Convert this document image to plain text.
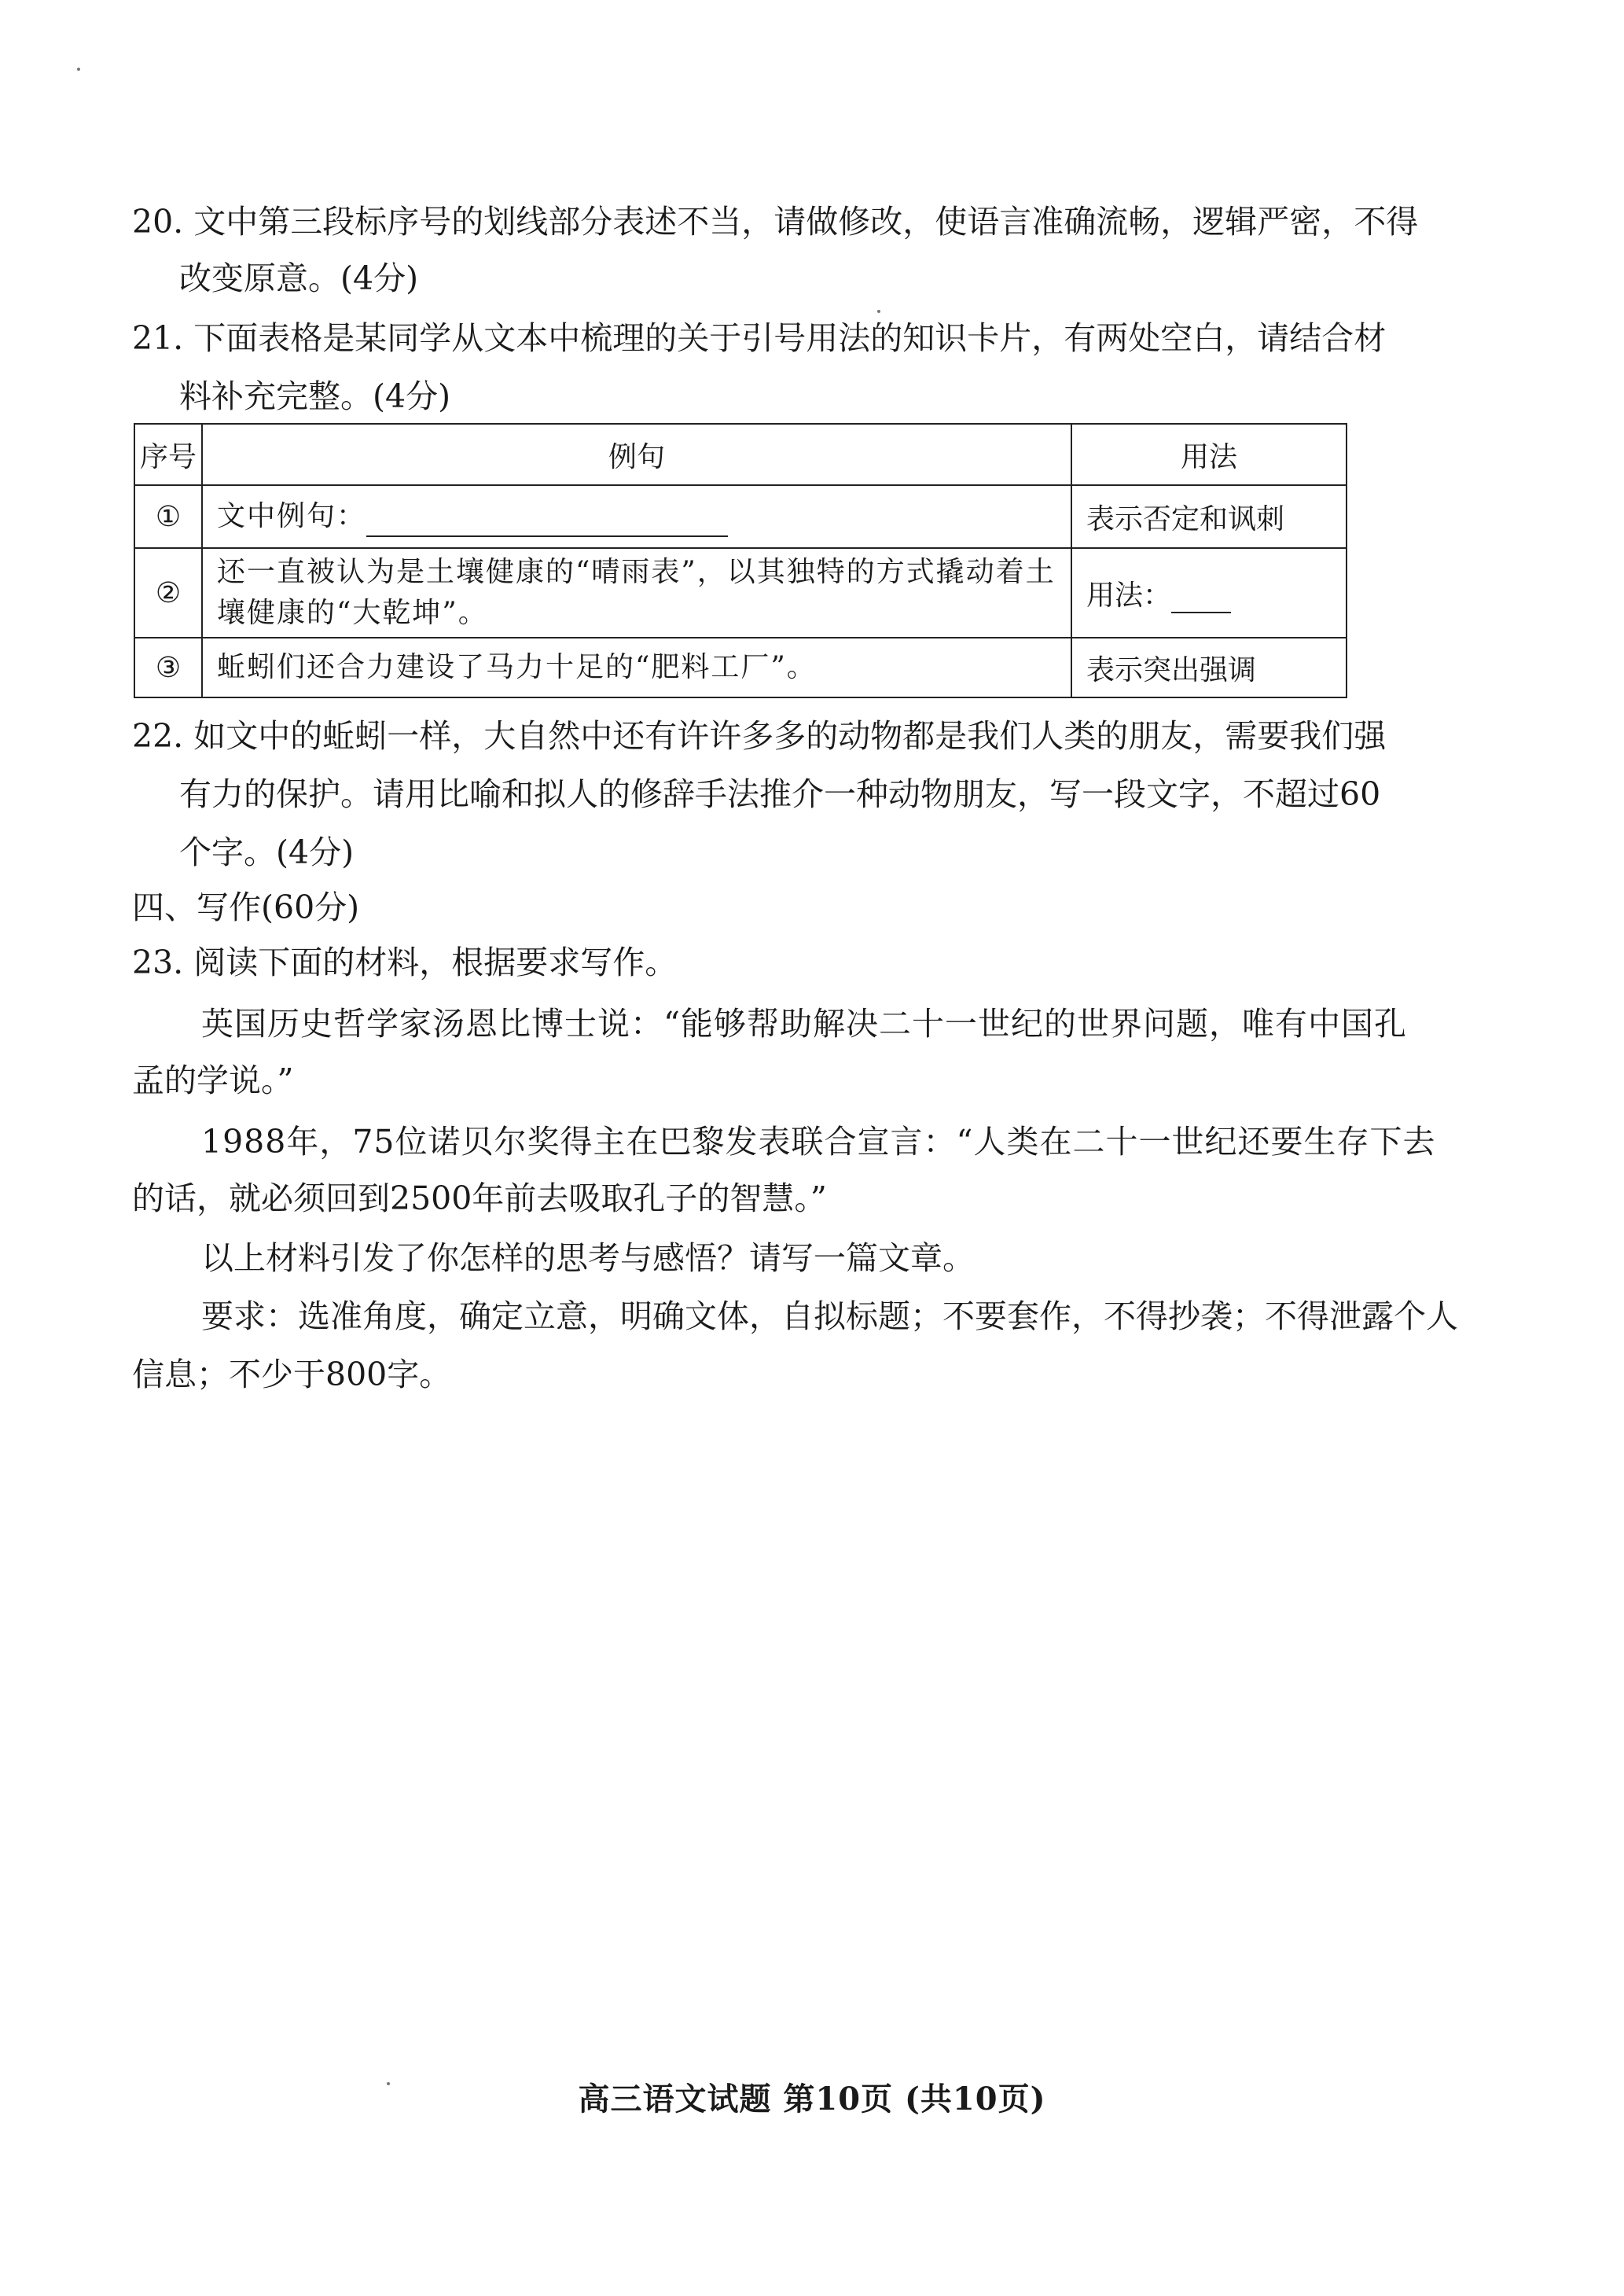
20. 文中第三段标序号的划线部分表述不当，请做修改，使语言准确流畅，逻辑严密，不得
改变原意。(4分)
21. 下面表格是某同学从文本中梳理的关于引号用法的知识卡片，有两处空白，请结合材
料补充完整。(4分)
序号	例句	用法
①	文中例句：	表示否定和讽刺
②	还一直被认为是土壤健康的“晴雨表”，以其独特的方式撬动着土壤健康的“大乾坤”。	用法：
③	蚯蚓们还合力建设了马力十足的“肥料工厂”。	表示突出强调
22. 如文中的蚯蚓一样，大自然中还有许许多多的动物都是我们人类的朋友，需要我们强
有力的保护。请用比喻和拟人的修辞手法推介一种动物朋友，写一段文字，不超过60
个字。(4分)
四、写作(60分)
23. 阅读下面的材料，根据要求写作。
英国历史哲学家汤恩比博士说：“能够帮助解决二十一世纪的世界问题，唯有中国孔
孟的学说。”
1988年，75位诺贝尔奖得主在巴黎发表联合宣言：“人类在二十一世纪还要生存下去
的话，就必须回到2500年前去吸取孔子的智慧。”
以上材料引发了你怎样的思考与感悟？请写一篇文章。
要求：选准角度，确定立意，明确文体，自拟标题；不要套作，不得抄袭；不得泄露个人
信息；不少于800字。
高三语文试题 第10页 (共10页)
